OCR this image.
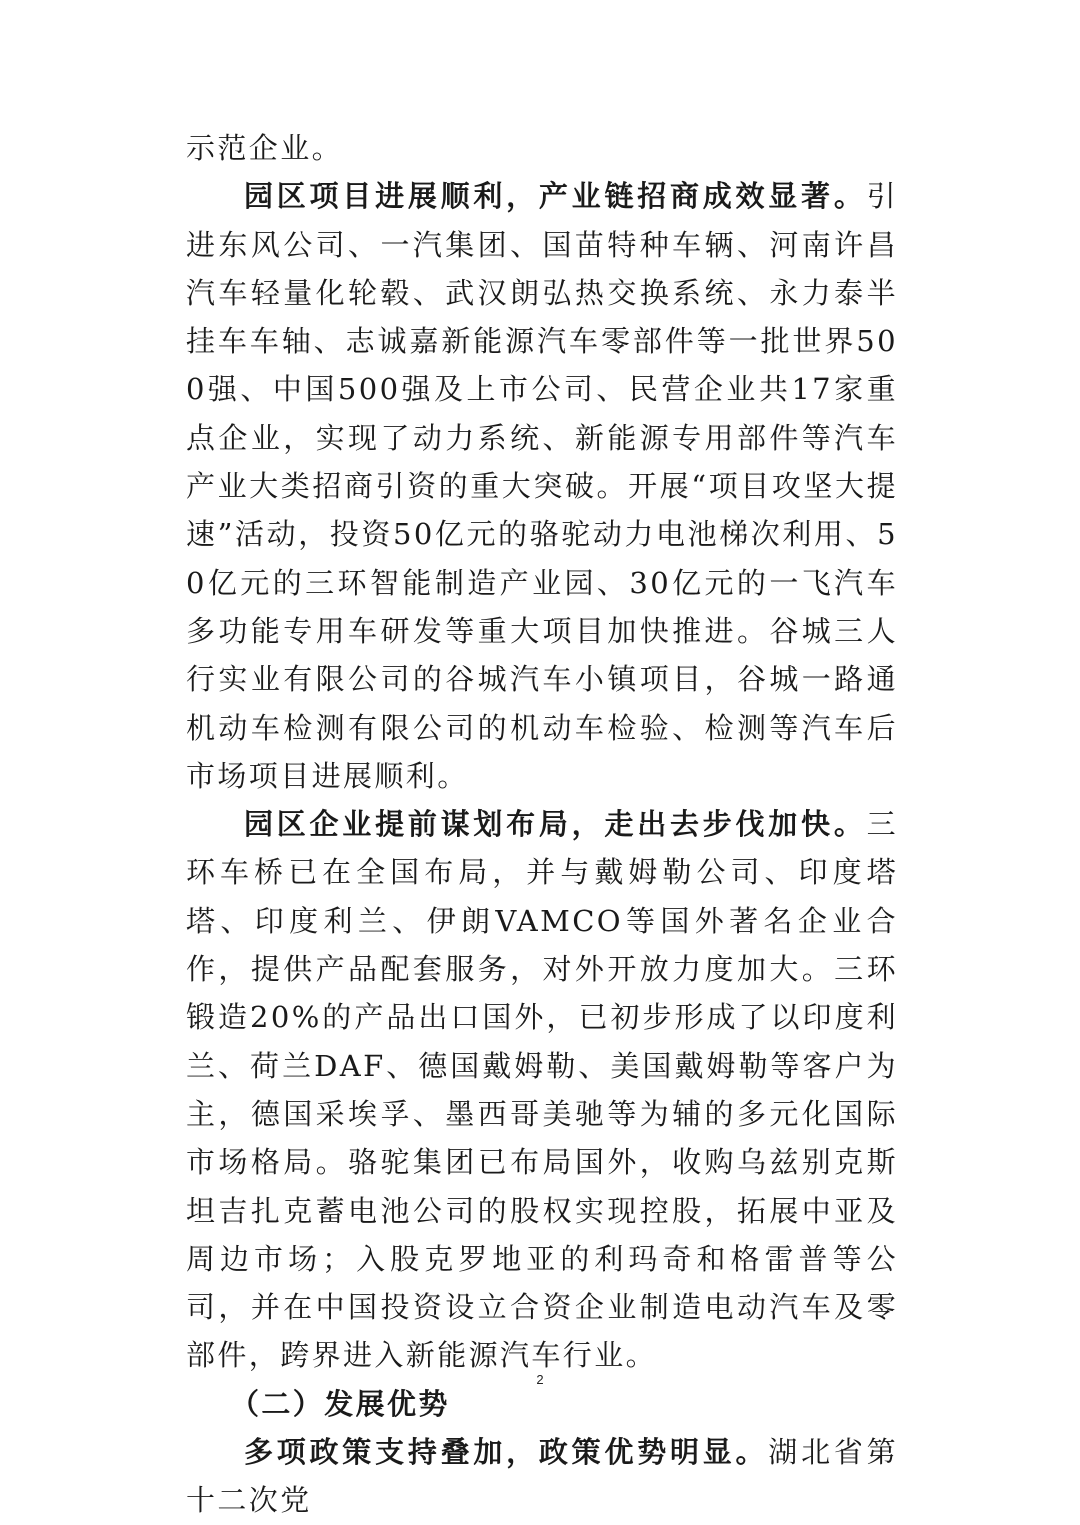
示范企业。

园区项目进展顺利，产业链招商成效显著。引进东风公司、一汽集团、国苗特种车辆、河南许昌汽车轻量化轮毂、武汉朗弘热交换系统、永力泰半挂车车轴、志诚嘉新能源汽车零部件等一批世界500强、中国500强及上市公司、民营企业共17家重点企业，实现了动力系统、新能源专用部件等汽车产业大类招商引资的重大突破。开展“项目攻坚大提速”活动，投资50亿元的骆驼动力电池梯次利用、50亿元的三环智能制造产业园、30亿元的一飞汽车多功能专用车研发等重大项目加快推进。谷城三人行实业有限公司的谷城汽车小镇项目，谷城一路通机动车检测有限公司的机动车检验、检测等汽车后市场项目进展顺利。

园区企业提前谋划布局，走出去步伐加快。三环车桥已在全国布局，并与戴姆勒公司、印度塔塔、印度利兰、伊朗VAMCO等国外著名企业合作，提供产品配套服务，对外开放力度加大。三环锻造20%的产品出口国外，已初步形成了以印度利兰、荷兰DAF、德国戴姆勒、美国戴姆勒等客户为主，德国采埃孚、墨西哥美驰等为辅的多元化国际市场格局。骆驼集团已布局国外，收购乌兹别克斯坦吉扎克蓄电池公司的股权实现控股，拓展中亚及周边市场；入股克罗地亚的利玛奇和格雷普等公司，并在中国投资设立合资企业制造电动汽车及零部件，跨界进入新能源汽车行业。

（二）发展优势

多项政策支持叠加，政策优势明显。湖北省第十二次党

2
